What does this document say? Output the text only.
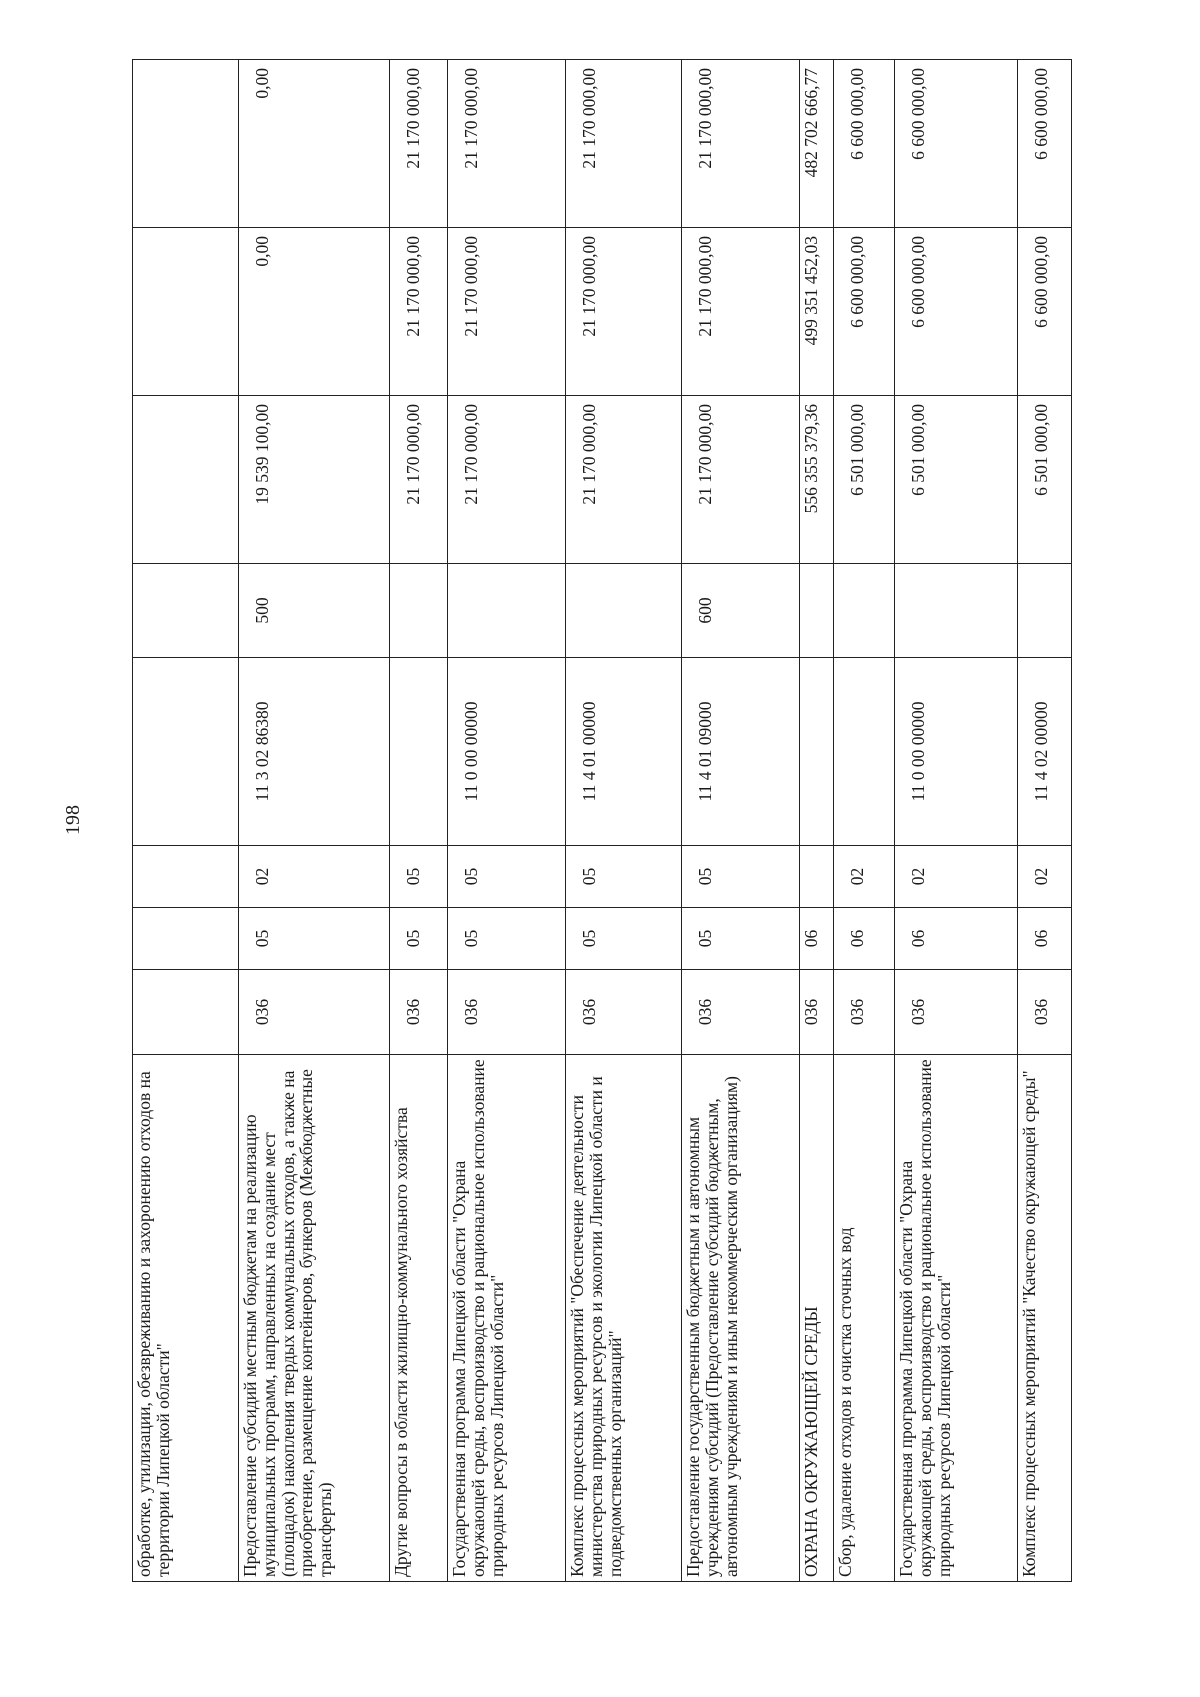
198
обработке, утилизации, обезвреживанию и захоронению отходов на территории Липецкой области"								
Предоставление субсидий местным бюджетам на реализацию муниципальных программ, направленных на создание мест (площадок) накопления твердых коммунальных отходов, а также на приобретение, размещение контейнеров, бункеров (Межбюджетные трансферты)	036	05	02	11 3 02 86380	500	19 539 100,00	0,00	0,00
Другие вопросы в области жилищно-коммунального хозяйства	036	05	05			21 170 000,00	21 170 000,00	21 170 000,00
Государственная программа Липецкой области "Охрана окружающей среды, воспроизводство и рациональное использование природных ресурсов Липецкой области"	036	05	05	11 0 00 00000		21 170 000,00	21 170 000,00	21 170 000,00
Комплекс процессных мероприятий "Обеспечение деятельности министерства природных ресурсов и экологии Липецкой области и подведомственных организаций"	036	05	05	11 4 01 00000		21 170 000,00	21 170 000,00	21 170 000,00
Предоставление государственным бюджетным и автономным учреждениям субсидий (Предоставление субсидий бюджетным, автономным учреждениям и иным некоммерческим организациям)	036	05	05	11 4 01 09000	600	21 170 000,00	21 170 000,00	21 170 000,00
ОХРАНА ОКРУЖАЮЩЕЙ СРЕДЫ	036	06				556 355 379,36	499 351 452,03	482 702 666,77
Сбор, удаление отходов и очистка сточных вод	036	06	02			6 501 000,00	6 600 000,00	6 600 000,00
Государственная программа Липецкой области "Охрана окружающей среды, воспроизводство и рациональное использование природных ресурсов Липецкой области"	036	06	02	11 0 00 00000		6 501 000,00	6 600 000,00	6 600 000,00
Комплекс процессных мероприятий "Качество окружающей среды"	036	06	02	11 4 02 00000		6 501 000,00	6 600 000,00	6 600 000,00
